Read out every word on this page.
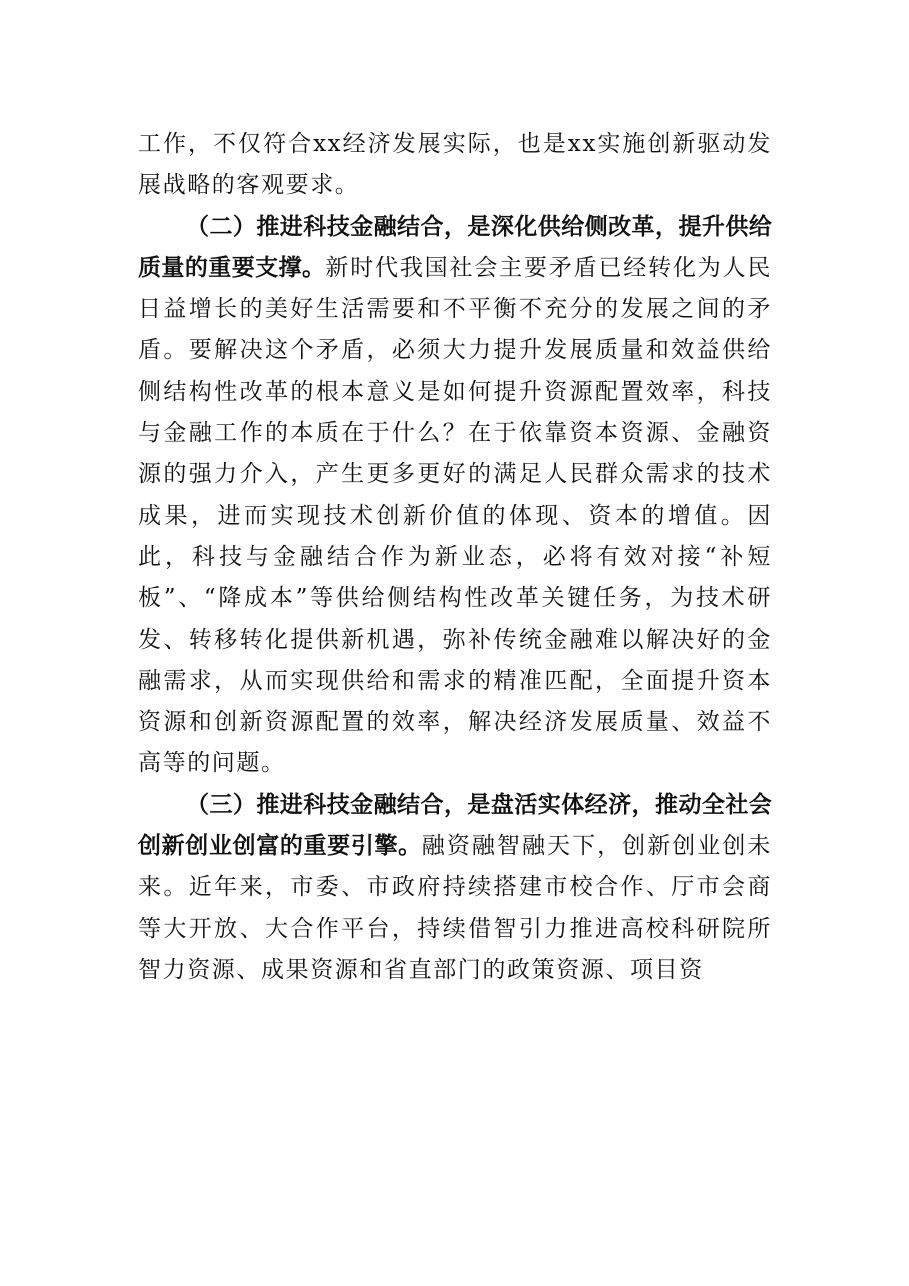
工作，不仅符合xx经济发展实际，也是xx实施创新驱动发展战略的客观要求。

（二）推进科技金融结合，是深化供给侧改革，提升供给质量的重要支撑。新时代我国社会主要矛盾已经转化为人民日益增长的美好生活需要和不平衡不充分的发展之间的矛盾。要解决这个矛盾，必须大力提升发展质量和效益供给侧结构性改革的根本意义是如何提升资源配置效率，科技与金融工作的本质在于什么？在于依靠资本资源、金融资源的强力介入，产生更多更好的满足人民群众需求的技术成果，进而实现技术创新价值的体现、资本的增值。因此，科技与金融结合作为新业态，必将有效对接“补短板”、“降成本”等供给侧结构性改革关键任务，为技术研发、转移转化提供新机遇，弥补传统金融难以解决好的金融需求，从而实现供给和需求的精准匹配，全面提升资本资源和创新资源配置的效率，解决经济发展质量、效益不高等的问题。

（三）推进科技金融结合，是盘活实体经济，推动全社会创新创业创富的重要引擎。融资融智融天下，创新创业创未来。近年来，市委、市政府持续搭建市校合作、厅市会商等大开放、大合作平台，持续借智引力推进高校科研院所智力资源、成果资源和省直部门的政策资源、项目资
